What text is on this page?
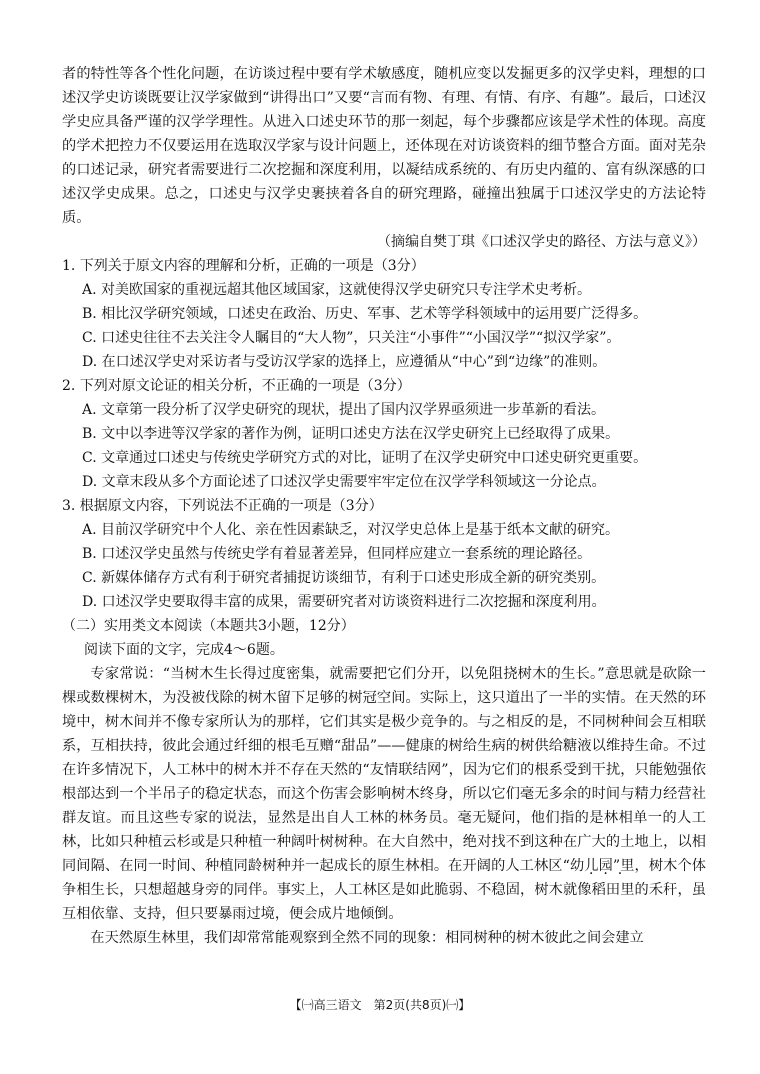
者的特性等各个性化问题，在访谈过程中要有学术敏感度，随机应变以发掘更多的汉学史料，理想的口述汉学史访谈既要让汉学家做到“讲得出口”又要“言而有物、有理、有情、有序、有趣”。最后，口述汉学史应具备严谨的汉学学理性。从进入口述史环节的那一刻起，每个步骤都应该是学术性的体现。高度的学术把控力不仅要运用在选取汉学家与设计问题上，还体现在对访谈资料的细节整合方面。面对芜杂的口述记录，研究者需要进行二次挖掘和深度利用，以凝结成系统的、有历史内蕴的、富有纵深感的口述汉学史成果。总之，口述史与汉学史裹挟着各自的研究理路，碰撞出独属于口述汉学史的方法论特质。

（摘编自樊丁琪《口述汉学史的路径、方法与意义》）

1. 下列关于原文内容的理解和分析，正确的一项是（3分）

A. 对美欧国家的重视远超其他区域国家，这就使得汉学史研究只专注学术史考析。

B. 相比汉学研究领域，口述史在政治、历史、军事、艺术等学科领域中的运用要广泛得多。

C. 口述史往往不去关注令人瞩目的“大人物”，只关注“小事件”“小国汉学”“拟汉学家”。

D. 在口述汉学史对采访者与受访汉学家的选择上，应遵循从“中心”到“边缘”的准则。

2. 下列对原文论证的相关分析，不正确的一项是（3分）

A. 文章第一段分析了汉学史研究的现状，提出了国内汉学界亟须进一步革新的看法。

B. 文中以李进等汉学家的著作为例，证明口述史方法在汉学史研究上已经取得了成果。

C. 文章通过口述史与传统史学研究方式的对比，证明了在汉学史研究中口述史研究更重要。

D. 文章末段从多个方面论述了口述汉学史需要牢牢定位在汉学学科领域这一分论点。

3. 根据原文内容，下列说法不正确的一项是（3分）

A. 目前汉学研究中个人化、亲在性因素缺乏，对汉学史总体上是基于纸本文献的研究。

B. 口述汉学史虽然与传统史学有着显著差异，但同样应建立一套系统的理论路径。

C. 新媒体储存方式有利于研究者捕捉访谈细节，有利于口述史形成全新的研究类别。

D. 口述汉学史要取得丰富的成果，需要研究者对访谈资料进行二次挖掘和深度利用。

（二）实用类文本阅读（本题共3小题，12分）

阅读下面的文字，完成4～6题。

专家常说：“当树木生长得过度密集，就需要把它们分开，以免阻挠树木的生长。”意思就是砍除一棵或数棵树木，为没被伐除的树木留下足够的树冠空间。实际上，这只道出了一半的实情。在天然的环境中，树木间并不像专家所认为的那样，它们其实是极少竞争的。与之相反的是，不同树种间会互相联系，互相扶持，彼此会通过纤细的根毛互赠“甜品”——健康的树给生病的树供给糖液以维持生命。不过在许多情况下，人工林中的树木并不存在天然的“友情联结网”，因为它们的根系受到干扰，只能勉强依根部达到一个半吊子的稳定状态，而这个伤害会影响树木终身，所以它们毫无多余的时间与精力经营社群友谊。而且这些专家的说法，显然是出自人工林的林务员。毫无疑问，他们指的是林相单一的人工林，比如只种植云杉或是只种植一种阔叶树树种。在大自然中，绝对找不到这种在广大的土地上，以相同间隔、在同一时间、种植同龄树种并一起成长的原生林相。在开阔的人工林区“幼儿园”里，树木个体争相生长，只想超越身旁的同伴。事实上，人工林区是如此脆弱、不稳固，树木就像稻田里的禾秆，虽互相依靠、支持，但只要暴雨过境，便会成片地倾倒。

在天然原生林里，我们却常常能观察到全然不同的现象：相同树种的树木彼此之间会建立

【㈠高三语文　第2页(共8页)㈠】
